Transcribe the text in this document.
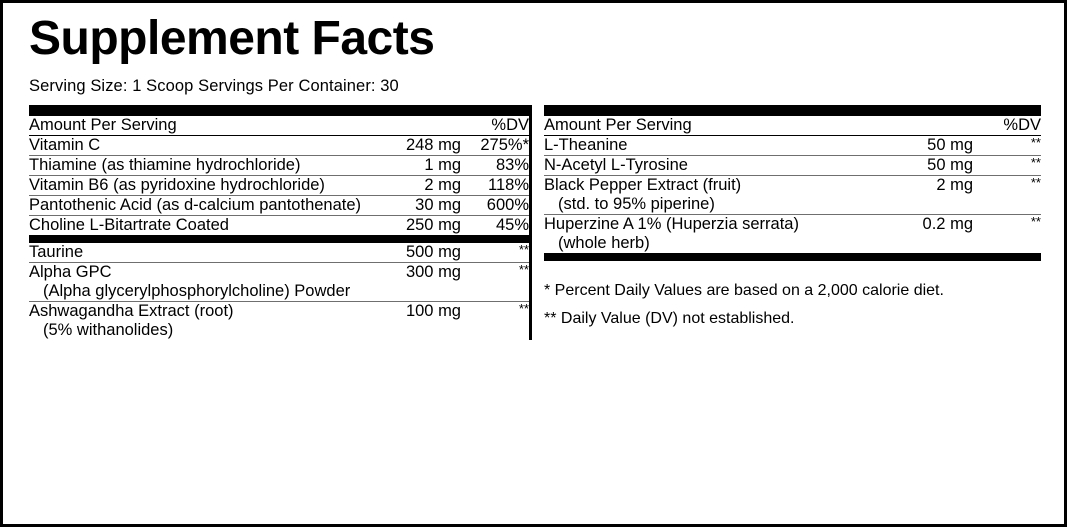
Supplement Facts
Serving Size: 1 Scoop Servings Per Container: 30
Amount Per Serving	%DV
Vitamin C	248 mg	275%*
Thiamine (as thiamine hydrochloride)	1 mg	83%
Vitamin B6 (as pyridoxine hydrochloride)	2 mg	118%
Pantothenic Acid (as d-calcium pantothenate)	30 mg	600%
Choline L-Bitartrate Coated	250 mg	45%
Taurine	500 mg	**
Alpha GPC
(Alpha glycerylphosphorylcholine) Powder
	300 mg	**
Ashwagandha Extract (root)
(5% withanolides)
	100 mg	**
Amount Per Serving	%DV
L-Theanine	50 mg	**
N-Acetyl L-Tyrosine	50 mg	**
Black Pepper Extract (fruit)
(std. to 95% piperine)
	2 mg	**
Huperzine A 1% (Huperzia serrata)
(whole herb)
	0.2 mg	**
* Percent Daily Values are based on a 2,000 calorie diet.
** Daily Value (DV) not established.
